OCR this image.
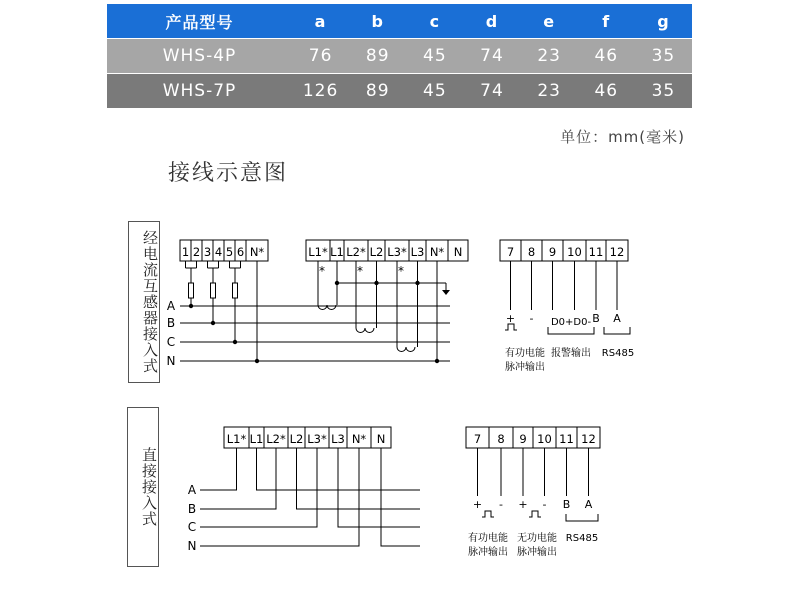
产品型号	a	b	c	d	e	f	g
WHS-4P	76	89	45	74	23	46	35
WHS-7P	126	89	45	74	23	46	35
单位：mm(毫米)
接线示意图
经电流互感器接入式
直接接入式
1 2 3 4 5 6 N*	L1* L1 L2* L2 L3* L3 N* N	7 8 9 10 11 12
A
B
C
N
*	*	*
+ - D0+D0- B A
有功电能
脉冲输出
报警输出 RS485
L1* L1 L2* L2 L3* L3 N* N	7 8 9 10 11 12
A
B
C
N
+ - + - B A
有功电能
脉冲输出
无功电能
脉冲输出
RS485
